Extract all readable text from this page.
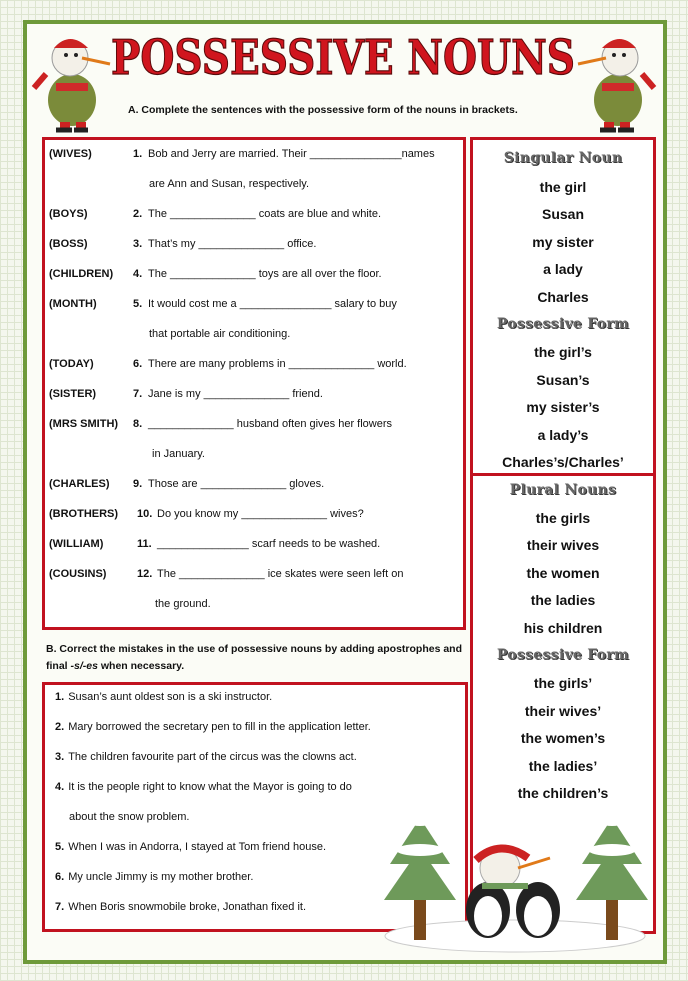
POSSESSIVE NOUNS
A. Complete the sentences with the possessive form of the nouns in brackets.
(WIVES)	1. Bob and Jerry are married. Their _______________names
are Ann and Susan, respectively.
(BOYS)	2. The ______________ coats are blue and white.
(BOSS)	3. That’s my ______________ office.
(CHILDREN) 4. The ______________ toys are all over the floor.
(MONTH)	5. It would cost me a _______________ salary to buy
that portable air conditioning.
(TODAY)	6. There are many problems in ______________ world.
(SISTER)	7. Jane is my ______________ friend.
(MRS SMITH) 8. ______________ husband often gives her flowers
in January.
(CHARLES) 9. Those are ______________ gloves.
(BROTHERS) 10. Do you know my ______________ wives?
(WILLIAM)	11. _______________ scarf needs to be washed.
(COUSINS)	12. The ______________ ice skates were seen left on
the ground.
Singular Noun
the girl
Susan
my sister
a lady
Charles
Possessive Form
the girl’s
Susan’s
my sister’s
a lady’s
Charles’s/Charles’
Plural Nouns
the girls
their wives
the women
the ladies
his children
Possessive Form
the girls’
their wives’
the women’s
the ladies’
the children’s
B. Correct the mistakes in the use of possessive nouns by adding apostrophes and final -s/-es when necessary.
1. Susan’s aunt oldest son is a ski instructor.
2. Mary borrowed the secretary pen to fill in the application letter.
3. The children favourite part of the circus was the clowns act.
4. It is the people right to know what the Mayor is going to do
about the snow problem.
5. When I was in Andorra, I stayed at Tom friend house.
6. My uncle Jimmy is my mother brother.
7. When Boris snowmobile broke, Jonathan fixed it.
